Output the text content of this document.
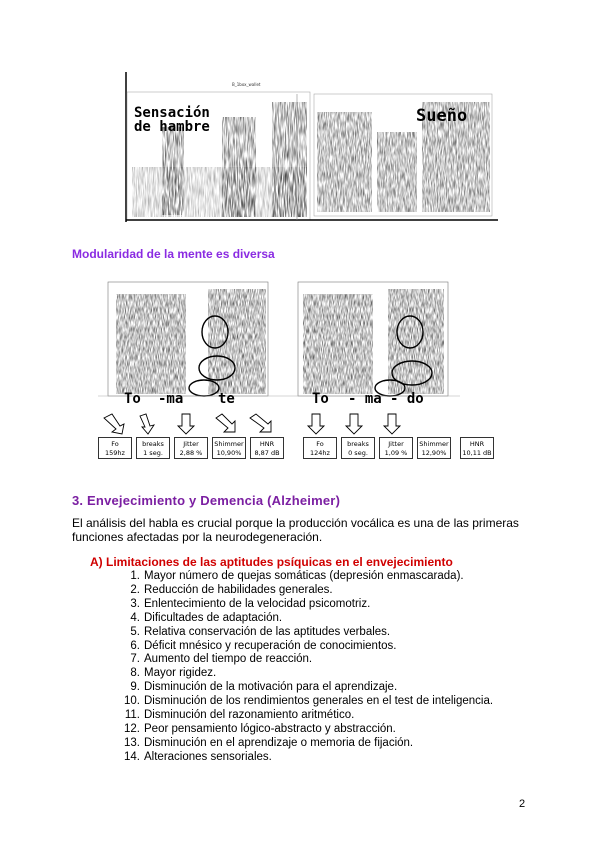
B_1box_wallet
Sensación
de hambre
Sueño
Modularidad de la mente es diversa
To -ma te	To - ma - do
Fo
159hz
breaks
1 seg.
Jitter
2,88 %
Shimmer
10,90%
HNR
8,87 dB
Fo
124hz
breaks
0 seg.
Jitter
1,09 %
Shimmer
12,90%
HNR
10,11 dB
3. Envejecimiento y Demencia (Alzheimer)
El análisis del habla es crucial porque la producción vocálica es una de las primeras funciones afectadas por la neurodegeneración.
A) Limitaciones de las aptitudes psíquicas en el envejecimiento
1. Mayor número de quejas somáticas (depresión enmascarada).
2. Reducción de habilidades generales.
3. Enlentecimiento de la velocidad psicomotriz.
4. Dificultades de adaptación.
5. Relativa conservación de las aptitudes verbales.
6. Déficit mnésico y recuperación de conocimientos.
7. Aumento del tiempo de reacción.
8. Mayor rigidez.
9. Disminución de la motivación para el aprendizaje.
10. Disminución de los rendimientos generales en el test de inteligencia.
11. Disminución del razonamiento aritmético.
12. Peor pensamiento lógico-abstracto y abstracción.
13. Disminución en el aprendizaje o memoria de fijación.
14. Alteraciones sensoriales.
2
